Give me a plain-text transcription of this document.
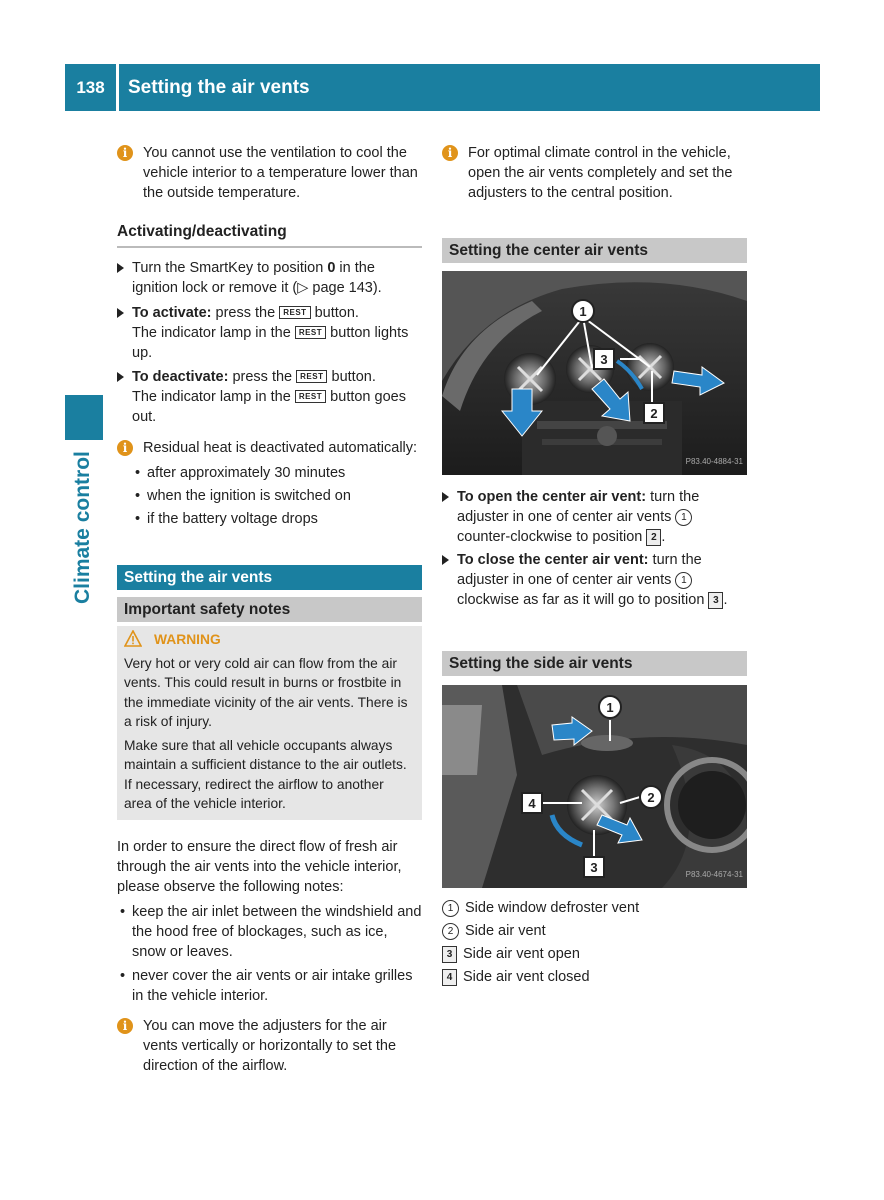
138	Setting the air vents
Climate control
i	You cannot use the ventilation to cool the vehicle interior to a temperature lower than the outside temperature.
Activating/deactivating
Turn the SmartKey to position 0 in the ignition lock or remove it (▷ page 143).
To activate: press the REST button.
The indicator lamp in the REST button lights up.
To deactivate: press the REST button.
The indicator lamp in the REST button goes out.
i	Residual heat is deactivated automatically:
• after approximately 30 minutes
• when the ignition is switched on
• if the battery voltage drops
Setting the air vents
Important safety notes
WARNING

Very hot or very cold air can flow from the air vents. This could result in burns or frostbite in the immediate vicinity of the air vents. There is a risk of injury.

Make sure that all vehicle occupants always maintain a sufficient distance to the air outlets. If necessary, redirect the airflow to another area of the vehicle interior.

In order to ensure the direct flow of fresh air through the air vents into the vehicle interior, please observe the following notes:

• keep the air inlet between the windshield and the hood free of blockages, such as ice, snow or leaves.
• never cover the air vents or air intake grilles in the vehicle interior.
i	You can move the adjusters for the air vents vertically or horizontally to set the direction of the airflow.
i	For optimal climate control in the vehicle, open the air vents completely and set the adjusters to the central position.
Setting the center air vents
1
3
2
P83.40-4884-31
To open the center air vent: turn the adjuster in one of center air vents 1 counter-clockwise to position 2 .
To close the center air vent: turn the adjuster in one of center air vents 1 clockwise as far as it will go to position 3 .
Setting the side air vents
1
2
4
3	P83.40-4674-31
1 Side window defroster vent
2 Side air vent
3 Side air vent open
4 Side air vent closed
